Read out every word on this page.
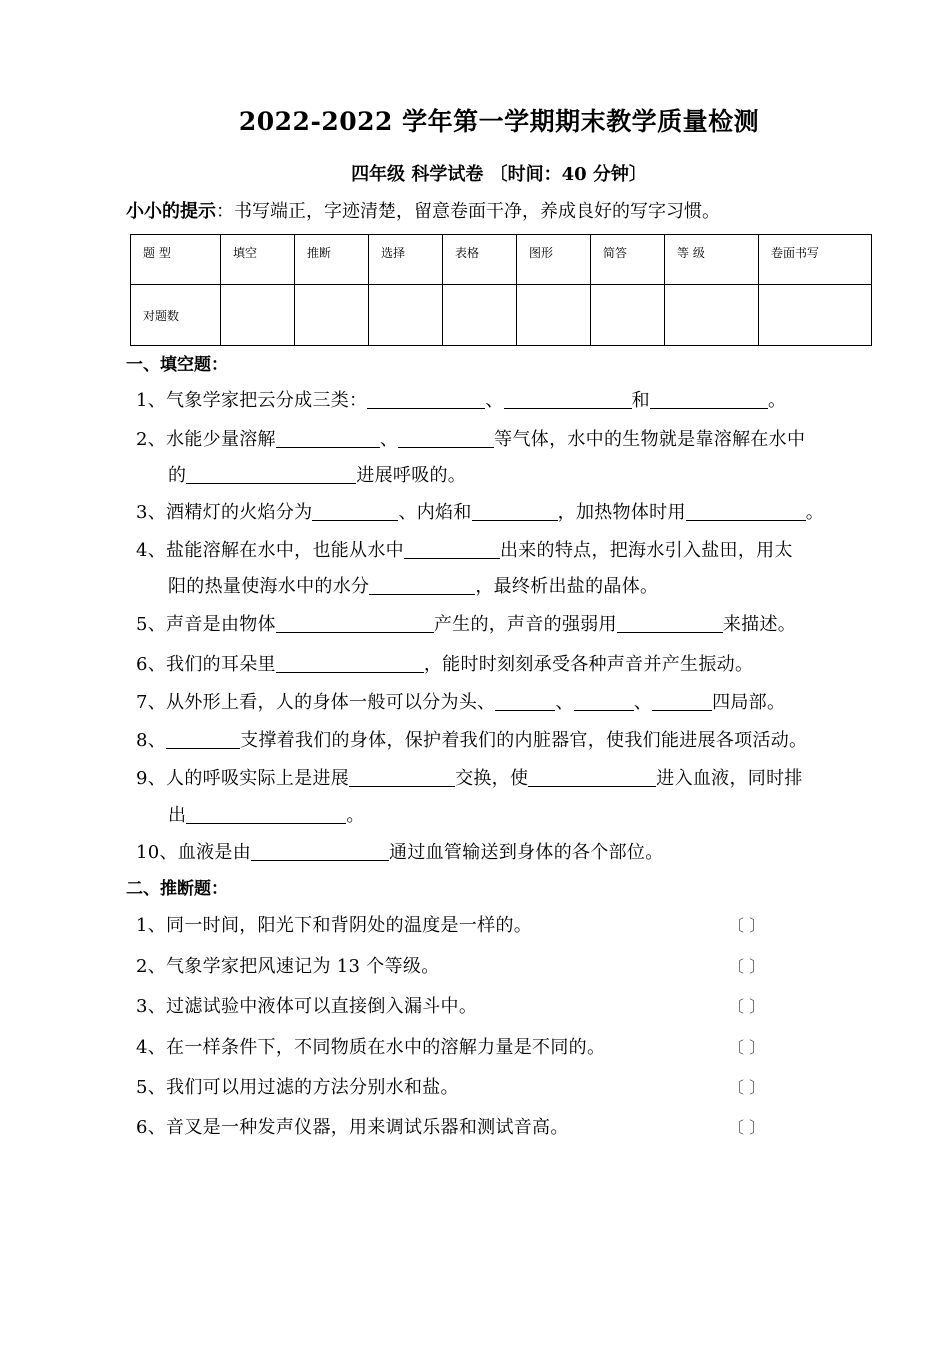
2022-2022 学年第一学期期末教学质量检测
四年级 科学试卷 〔时间：40 分钟〕
小小的提示：书写端正，字迹清楚，留意卷面干净，养成良好的写字习惯。
题 型	填空	推断	选择	表格	图形	简答	等 级	卷面书写
对题数								
一、填空题：
1、气象学家把云分成三类：	、	和	。
2、水能少量溶解	、	等气体，水中的生物就是靠溶解在水中
的	进展呼吸的。
3、酒精灯的火焰分为	、内焰和	，加热物体时用	。
4、盐能溶解在水中，也能从水中	出来的特点，把海水引入盐田，用太
阳的热量使海水中的水分	，最终析出盐的晶体。
5、声音是由物体	产生的，声音的强弱用	来描述。
6、我们的耳朵里	，能时时刻刻承受各种声音并产生振动。
7、从外形上看，人的身体一般可以分为头、	、	、	四局部。
8、	支撑着我们的身体，保护着我们的内脏器官，使我们能进展各项活动。
9、人的呼吸实际上是进展	交换，使	进入血液，同时排
出	。
10、血液是由	通过血管输送到身体的各个部位。
二、推断题：
1、同一时间，阳光下和背阴处的温度是一样的。	〔 〕
2、气象学家把风速记为 13 个等级。	〔 〕
3、过滤试验中液体可以直接倒入漏斗中。	〔 〕
4、在一样条件下，不同物质在水中的溶解力量是不同的。	〔 〕
5、我们可以用过滤的方法分别水和盐。	〔 〕
6、音叉是一种发声仪器，用来调试乐器和测试音高。	〔 〕
